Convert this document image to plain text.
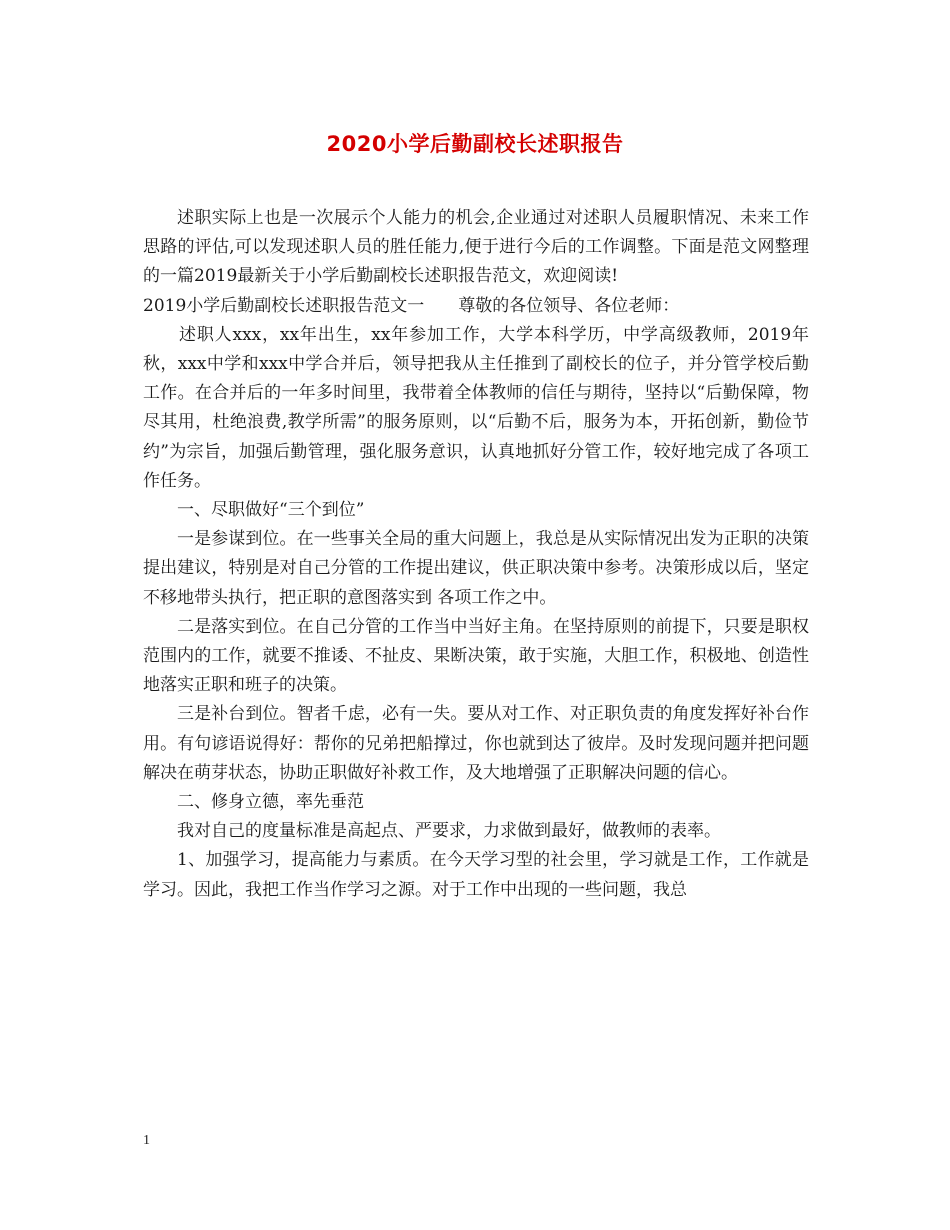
2020小学后勤副校长述职报告

述职实际上也是一次展示个人能力的机会,企业通过对述职人员履职情况、未来工作思路的评估,可以发现述职人员的胜任能力,便于进行今后的工作调整。下面是范文网整理的一篇2019最新关于小学后勤副校长述职报告范文，欢迎阅读!

2019小学后勤副校长述职报告范文一　　尊敬的各位领导、各位老师：

述职人xxx，xx年出生，xx年参加工作，大学本科学历，中学高级教师，2019年秋，xxx中学和xxx中学合并后，领导把我从主任推到了副校长的位子，并分管学校后勤工作。在合并后的一年多时间里，我带着全体教师的信任与期待，坚持以“后勤保障，物尽其用，杜绝浪费,教学所需”的服务原则，以“后勤不后，服务为本，开拓创新，勤俭节约”为宗旨，加强后勤管理，强化服务意识，认真地抓好分管工作，较好地完成了各项工作任务。

一、尽职做好“三个到位”

一是参谋到位。在一些事关全局的重大问题上，我总是从实际情况出发为正职的决策提出建议，特别是对自己分管的工作提出建议，供正职决策中参考。决策形成以后，坚定不移地带头执行，把正职的意图落实到 各项工作之中。

二是落实到位。在自己分管的工作当中当好主角。在坚持原则的前提下，只要是职权范围内的工作，就要不推诿、不扯皮、果断决策，敢于实施，大胆工作，积极地、创造性地落实正职和班子的决策。

三是补台到位。智者千虑，必有一失。要从对工作、对正职负责的角度发挥好补台作用。有句谚语说得好：帮你的兄弟把船撑过，你也就到达了彼岸。及时发现问题并把问题解决在萌芽状态，协助正职做好补救工作，及大地增强了正职解决问题的信心。

二、修身立德，率先垂范

我对自己的度量标准是高起点、严要求，力求做到最好，做教师的表率。

1、加强学习，提高能力与素质。在今天学习型的社会里，学习就是工作，工作就是学习。因此，我把工作当作学习之源。对于工作中出现的一些问题，我总

1
